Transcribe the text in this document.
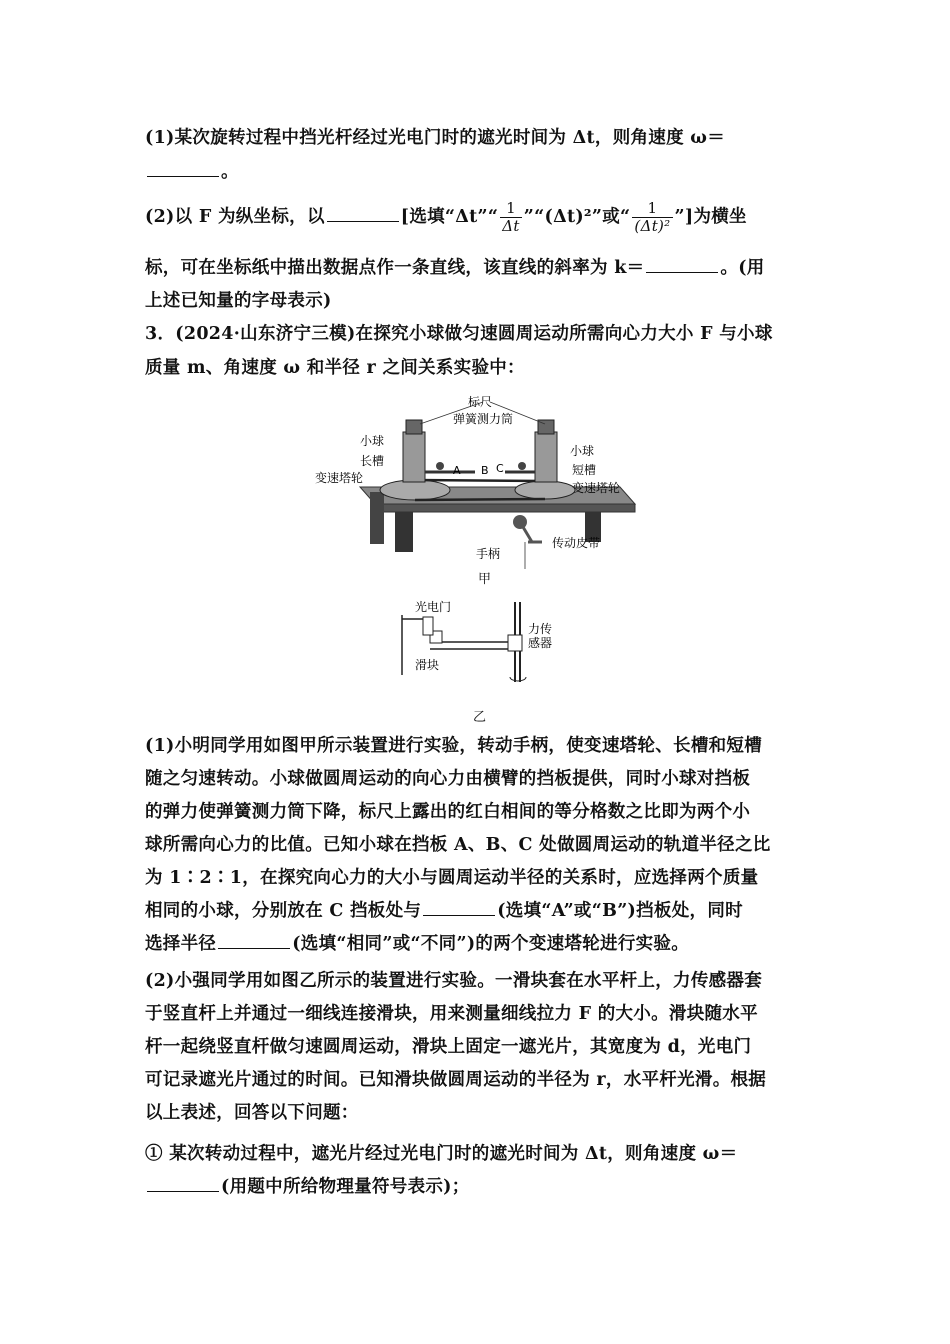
(1)某次旋转过程中挡光杆经过光电门时的遮光时间为 Δt，则角速度 ω＝
。
(2)以 F 为纵坐标，以	[选填“Δt”“ $\frac{1}{\Delta t}$ ”“(Δt)²”或“ $\frac{1}{\text{(Δt)²}}$ ”]为横坐
标，可在坐标纸中描出数据点作一条直线，该直线的斜率为 k＝	。(用
上述已知量的字母表示)
3．(2024·山东济宁三模)在探究小球做匀速圆周运动所需向心力大小 F 与小球
质量 m、角速度 ω 和半径 r 之间关系实验中：
标尺
弹簧测力筒
小球
长槽
变速塔轮
小球
短槽
变速塔轮
手柄
传动皮带
A B C
甲
光电门
力传
感器
滑块
乙
(1)小明同学用如图甲所示装置进行实验，转动手柄，使变速塔轮、长槽和短槽
随之匀速转动。小球做圆周运动的向心力由横臂的挡板提供，同时小球对挡板
的弹力使弹簧测力筒下降，标尺上露出的红白相间的等分格数之比即为两个小
球所需向心力的比值。已知小球在挡板 A、B、C 处做圆周运动的轨道半径之比
为 1∶2∶1，在探究向心力的大小与圆周运动半径的关系时，应选择两个质量
相同的小球，分别放在 C 挡板处与	(选填“A”或“B”)挡板处，同时
选择半径	(选填“相同”或“不同”)的两个变速塔轮进行实验。
(2)小强同学用如图乙所示的装置进行实验。一滑块套在水平杆上，力传感器套
于竖直杆上并通过一细线连接滑块，用来测量细线拉力 F 的大小。滑块随水平
杆一起绕竖直杆做匀速圆周运动，滑块上固定一遮光片，其宽度为 d，光电门
可记录遮光片通过的时间。已知滑块做圆周运动的半径为 r，水平杆光滑。根据
以上表述，回答以下问题：
① 某次转动过程中，遮光片经过光电门时的遮光时间为 Δt，则角速度 ω＝
(用题中所给物理量符号表示)；
